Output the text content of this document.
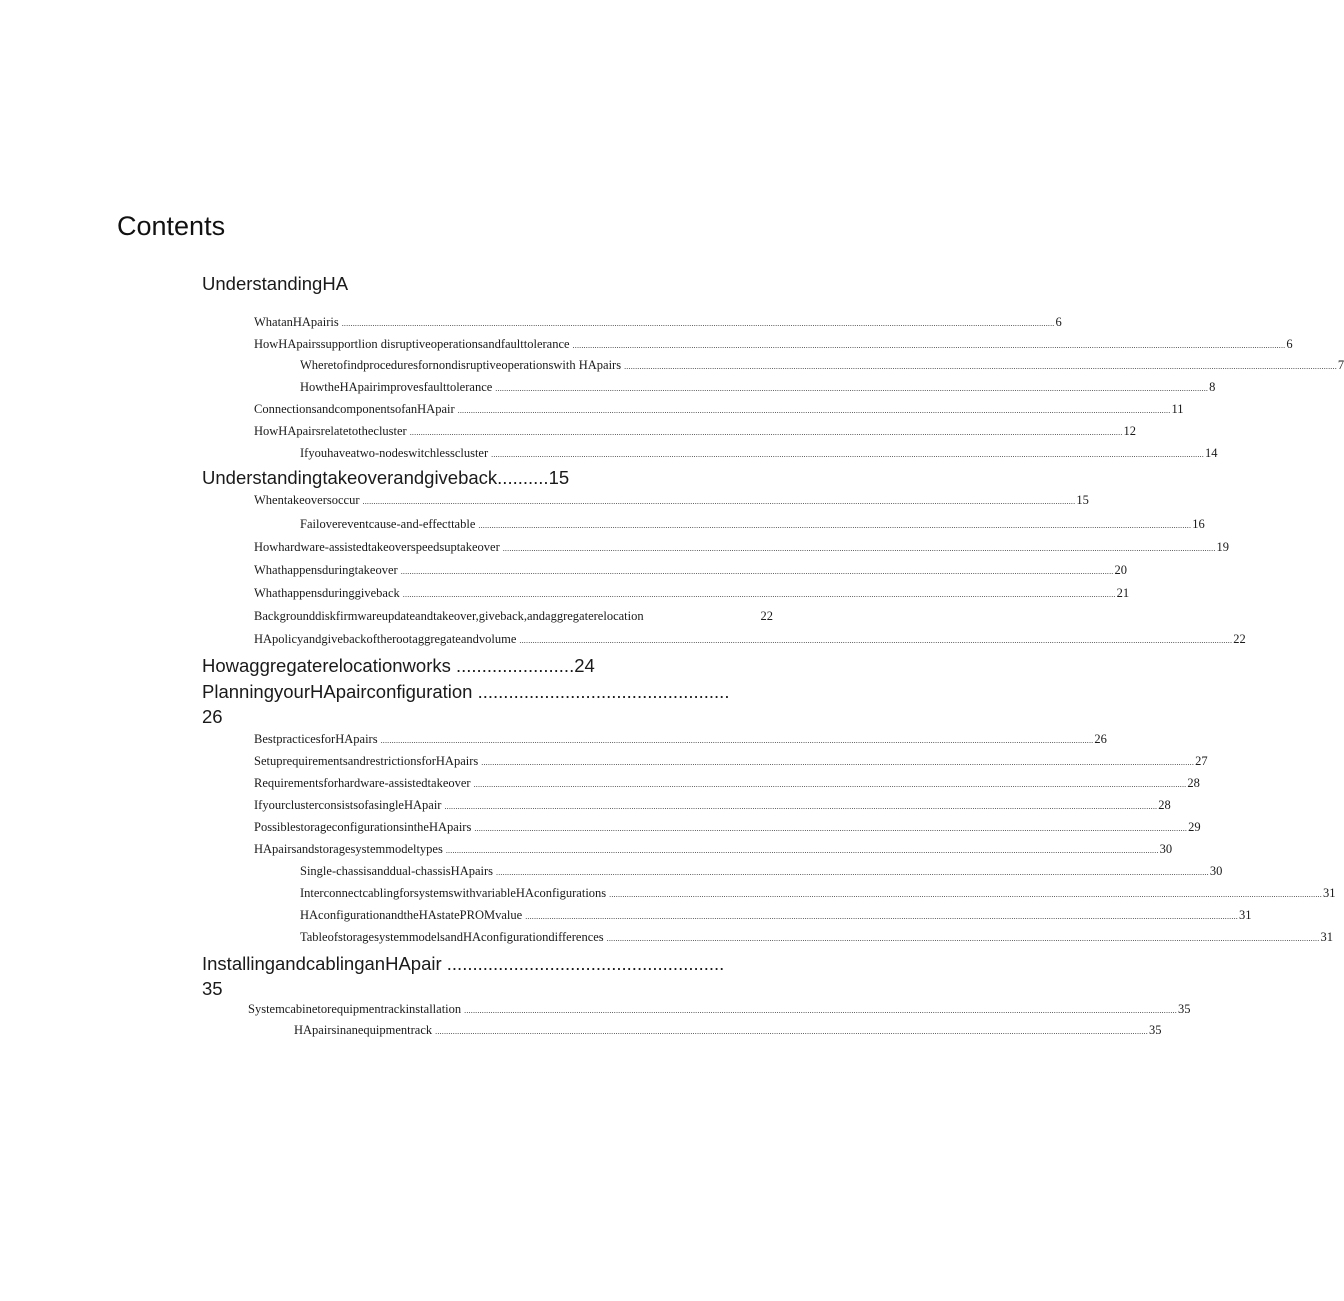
Contents
UnderstandingHA
Understandingtakeoverandgiveback..........15
Howaggregaterelocationworks .......................24
PlanningyourHApairconfiguration .................................................
26
InstallingandcablinganHApair ......................................................
35
WhatanHApairis .................................................................................................................................................................................................................................................................................................................................... 6
HowHApairssupportlion disruptiveoperationsandfaulttolerance .................................................................................................................................................................................................................................................................................................................................... 6
Wheretofindproceduresfornondisruptiveoperationswith HApairs .................................................................................................................................................................................................................................................................................................................................... 7
HowtheHApairimprovesfaulttolerance .................................................................................................................................................................................................................................................................................................................................... 8
ConnectionsandcomponentsofanHApair .................................................................................................................................................................................................................................................................................................................................... 11
HowHApairsrelatetothecluster .................................................................................................................................................................................................................................................................................................................................... 12
Ifyouhaveatwo-nodeswitchlesscluster .................................................................................................................................................................................................................................................................................................................................... 14
Whentakeoversoccur .................................................................................................................................................................................................................................................................................................................................... 15
Failovereventcause-and-effecttable .................................................................................................................................................................................................................................................................................................................................... 16
Howhardware-assistedtakeoverspeedsuptakeover .................................................................................................................................................................................................................................................................................................................................... 19
Whathappensduringtakeover .................................................................................................................................................................................................................................................................................................................................... 20
Whathappensduringgiveback .................................................................................................................................................................................................................................................................................................................................... 21
Backgrounddiskfirmwareupdateandtakeover,giveback,andaggregaterelocation	22
HApolicyandgivebackoftherootaggregateandvolume .................................................................................................................................................................................................................................................................................................................................... 22
BestpracticesforHApairs .................................................................................................................................................................................................................................................................................................................................... 26
SetuprequirementsandrestrictionsforHApairs .................................................................................................................................................................................................................................................................................................................................... 27
Requirementsforhardware-assistedtakeover .................................................................................................................................................................................................................................................................................................................................... 28
IfyourclusterconsistsofasingleHApair .................................................................................................................................................................................................................................................................................................................................... 28
PossiblestorageconfigurationsintheHApairs .................................................................................................................................................................................................................................................................................................................................... 29
HApairsandstoragesystemmodeltypes .................................................................................................................................................................................................................................................................................................................................... 30
Single-chassisanddual-chassisHApairs .................................................................................................................................................................................................................................................................................................................................... 30
InterconnectcablingforsystemswithvariableHAconfigurations .................................................................................................................................................................................................................................................................................................................................... 31
HAconfigurationandtheHAstatePROMvalue .................................................................................................................................................................................................................................................................................................................................... 31
TableofstoragesystemmodelsandHAconfigurationdifferences .................................................................................................................................................................................................................................................................................................................................... 31
Systemcabinetorequipmentrackinstallation .................................................................................................................................................................................................................................................................................................................................... 35
HApairsinanequipmentrack .................................................................................................................................................................................................................................................................................................................................... 35
